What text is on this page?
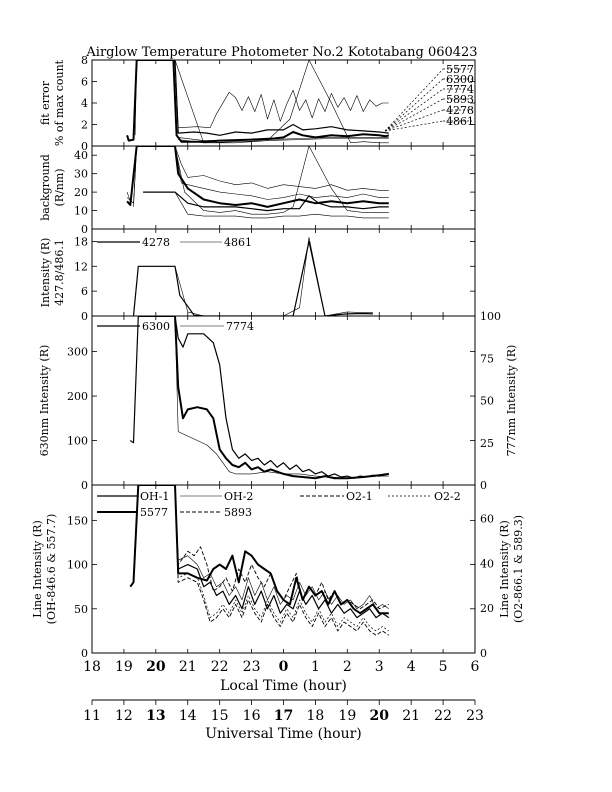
Airglow Temperature Photometer No.2 Kototabang 060423
0
2
4
6
8
fit error % of max count	5577
6300
7774
5893
4278
4861
0
10
20
30
40
background (R/nm)
0
6
12
18
Intensity (R) 427.8/486.1	4278	4861
0
100
200
300
0
25
50
75
100
777nm Intensity (R)
630nm Intensity (R)
6300	7774
0
50
100
150
0
20
40
60
Line Intensity (R) (O2-866.1 & 589.3)
Line Intensity (R) (OH-846.6 & 557.7)
OH-1	OH-2	O2-1	O2-2
5577	5893
18 19 20 21 22 23 0 1 2 3 4 5 6
Local Time (hour)
11 12 13 14 15 16 17 18 19 20 21 22 23
Universal Time (hour)
